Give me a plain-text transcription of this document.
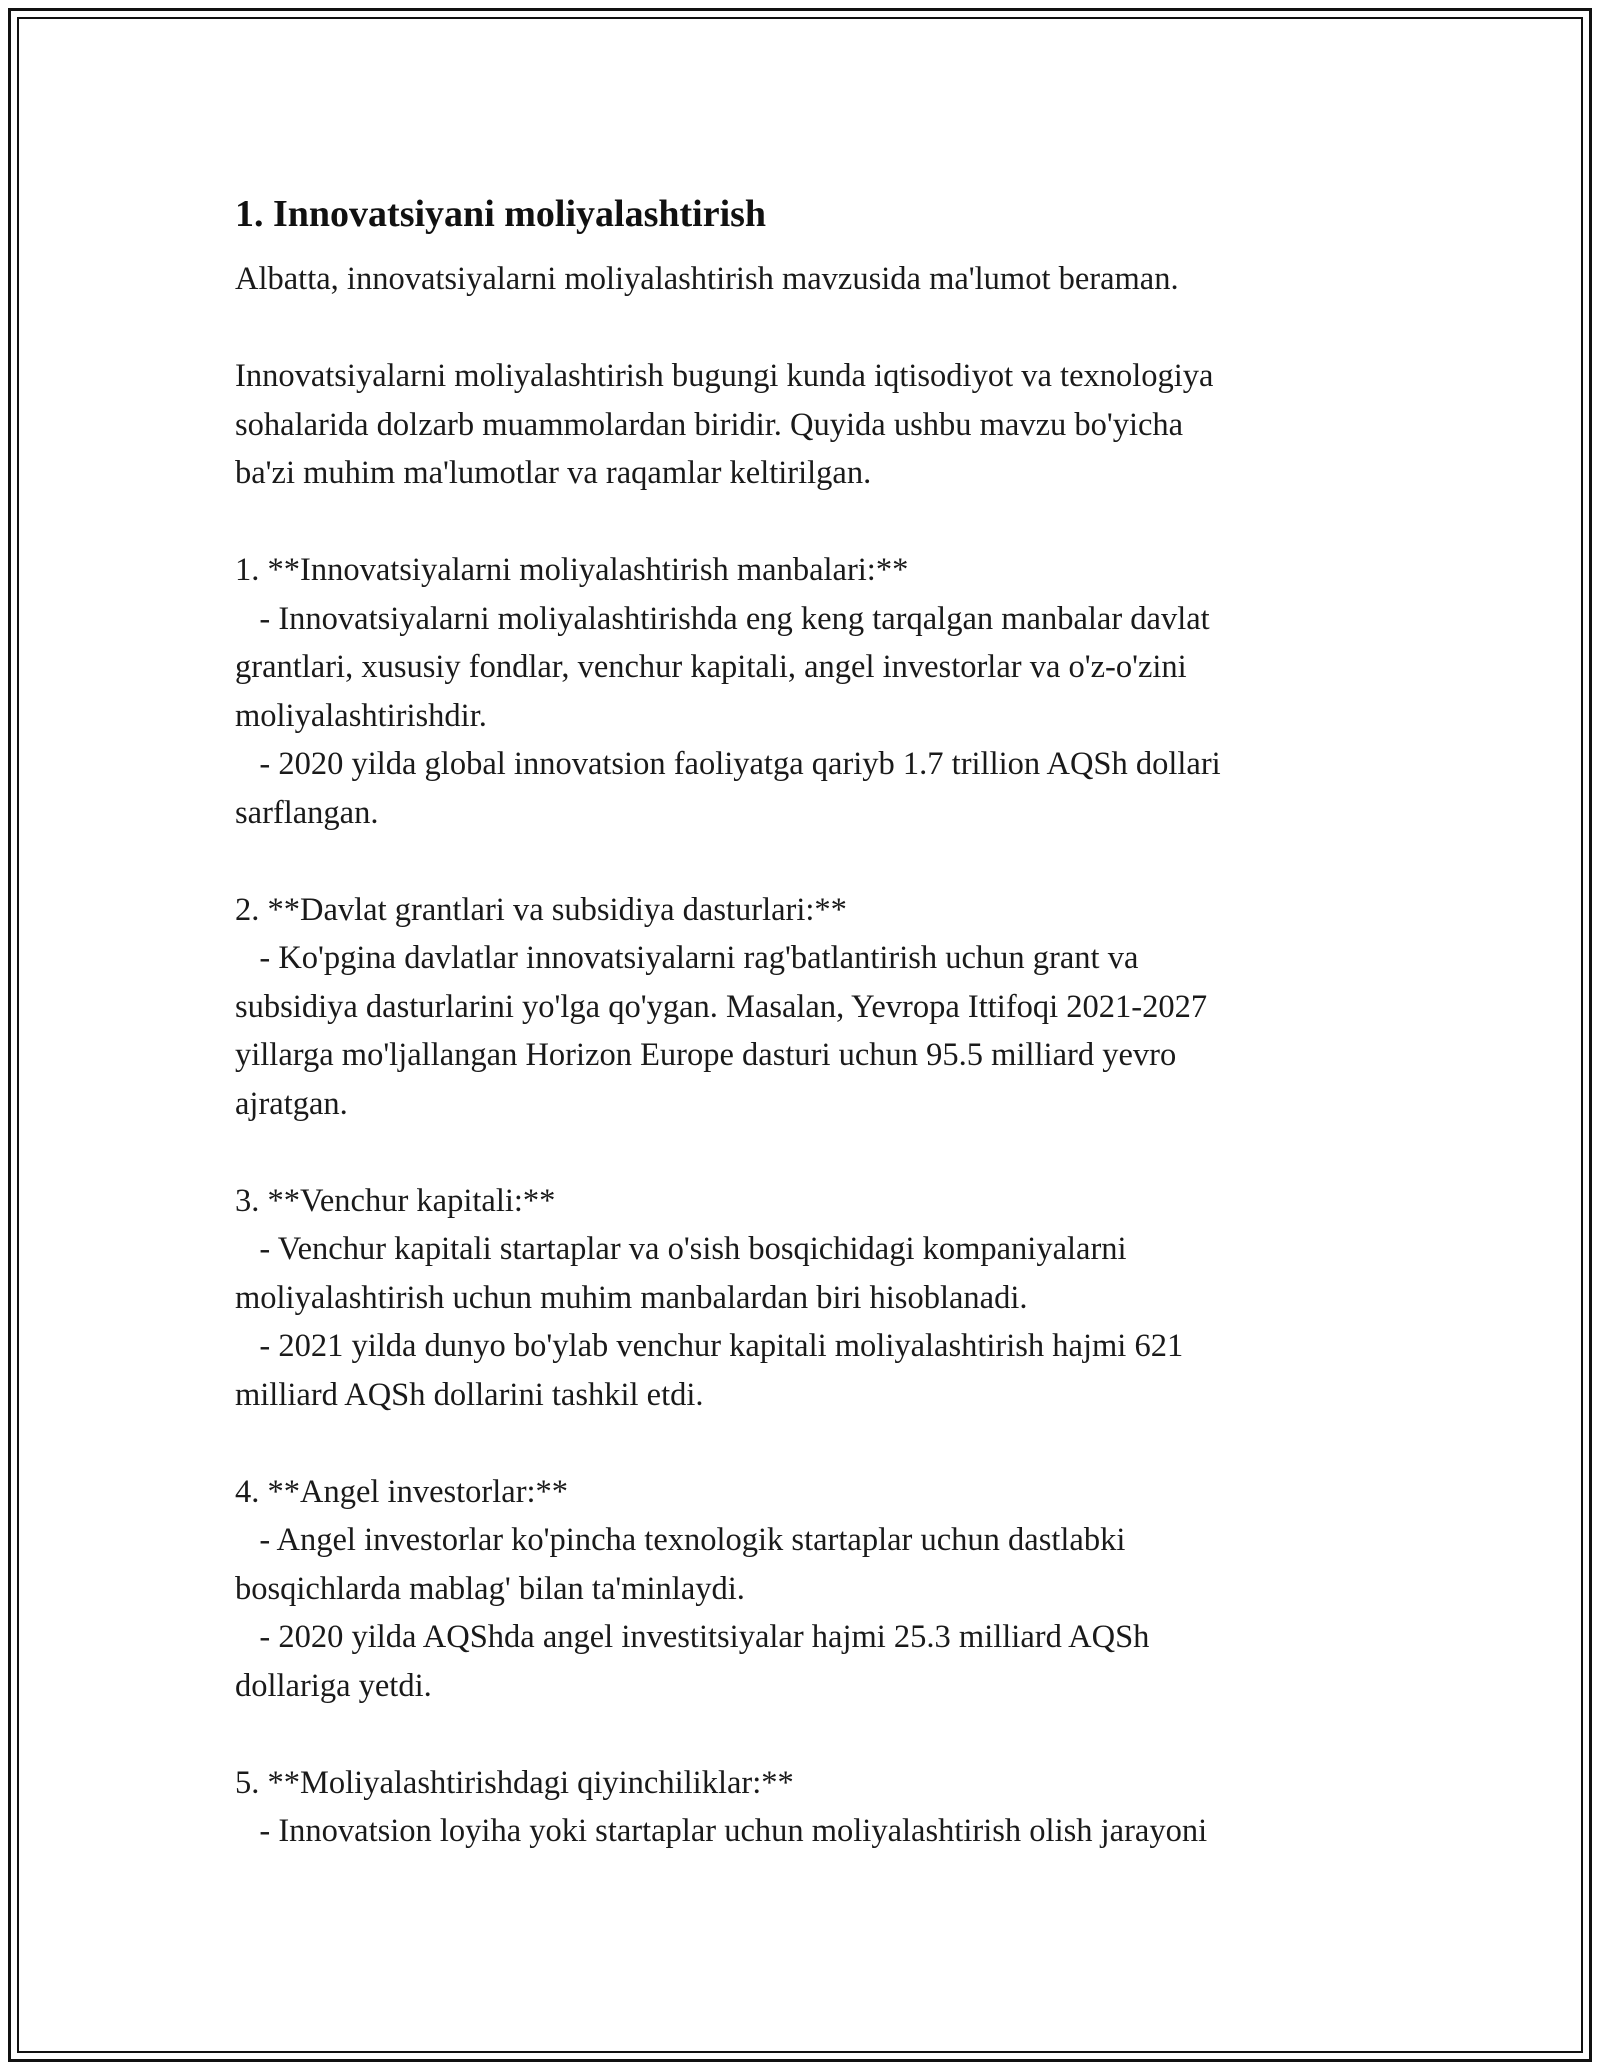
1. Innovatsiyani moliyalashtirish

Albatta, innovatsiyalarni moliyalashtirish mavzusida ma'lumot beraman.
Innovatsiyalarni moliyalashtirish bugungi kunda iqtisodiyot va texnologiya
sohalarida dolzarb muammolardan biridir. Quyida ushbu mavzu bo'yicha
ba'zi muhim ma'lumotlar va raqamlar keltirilgan.
1. **Innovatsiyalarni moliyalashtirish manbalari:**
- Innovatsiyalarni moliyalashtirishda eng keng tarqalgan manbalar davlat
grantlari, xususiy fondlar, venchur kapitali, angel investorlar va o'z-o'zini
moliyalashtirishdir.
- 2020 yilda global innovatsion faoliyatga qariyb 1.7 trillion AQSh dollari
sarflangan.
2. **Davlat grantlari va subsidiya dasturlari:**
- Ko'pgina davlatlar innovatsiyalarni rag'batlantirish uchun grant va
subsidiya dasturlarini yo'lga qo'ygan. Masalan, Yevropa Ittifoqi 2021-2027
yillarga mo'ljallangan Horizon Europe dasturi uchun 95.5 milliard yevro
ajratgan.
3. **Venchur kapitali:**
- Venchur kapitali startaplar va o'sish bosqichidagi kompaniyalarni
moliyalashtirish uchun muhim manbalardan biri hisoblanadi.
- 2021 yilda dunyo bo'ylab venchur kapitali moliyalashtirish hajmi 621
milliard AQSh dollarini tashkil etdi.
4. **Angel investorlar:**
- Angel investorlar ko'pincha texnologik startaplar uchun dastlabki
bosqichlarda mablag' bilan ta'minlaydi.
- 2020 yilda AQShda angel investitsiyalar hajmi 25.3 milliard AQSh
dollariga yetdi.
5. **Moliyalashtirishdagi qiyinchiliklar:**
- Innovatsion loyiha yoki startaplar uchun moliyalashtirish olish jarayoni
